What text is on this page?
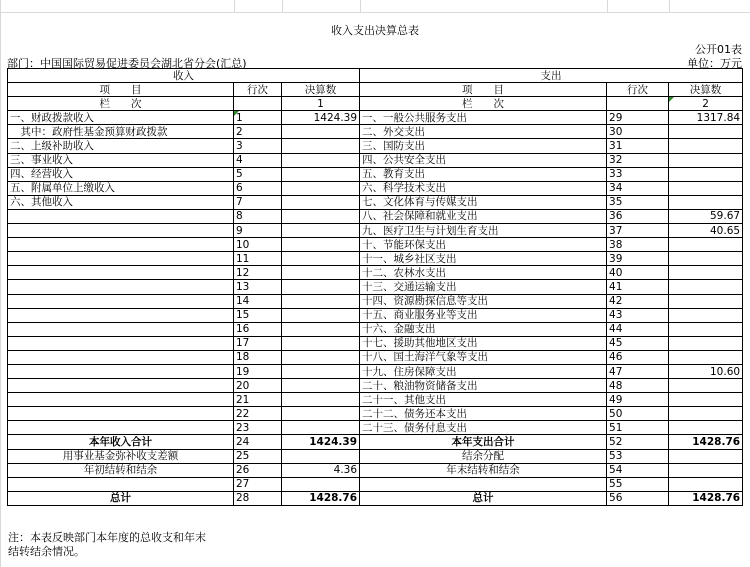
收入支出决算总表
公开01表
部门：中国国际贸易促进委员会湖北省分会(汇总)	单位：万元
收入			支出		
项　　目	行次	决算数	项　　目	行次	决算数
栏　　次		1	栏　　次		2
一、财政拨款收入	1	1424.39	一、一般公共服务支出	29	1317.84
　其中：政府性基金预算财政拨款	2		二、外交支出	30	
二、上级补助收入	3		三、国防支出	31	
三、事业收入	4		四、公共安全支出	32	
四、经营收入	5		五、教育支出	33	
五、附属单位上缴收入	6		六、科学技术支出	34	
六、其他收入	7		七、文化体育与传媒支出	35	
	8		八、社会保障和就业支出	36	59.67
	9		九、医疗卫生与计划生育支出	37	40.65
	10		十、节能环保支出	38	
	11		十一、城乡社区支出	39	
	12		十二、农林水支出	40	
	13		十三、交通运输支出	41	
	14		十四、资源勘探信息等支出	42	
	15		十五、商业服务业等支出	43	
	16		十六、金融支出	44	
	17		十七、援助其他地区支出	45	
	18		十八、国土海洋气象等支出	46	
	19		十九、住房保障支出	47	10.60
	20		二十、粮油物资储备支出	48	
	21		二十一、其他支出	49	
	22		二十二、债务还本支出	50	
	23		二十三、债务付息支出	51	
本年收入合计	24	1424.39	本年支出合计	52	1428.76
用事业基金弥补收支差额	25		结余分配	53	
年初结转和结余	26	4.36	年末结转和结余	54	
	27			55	
总计	28	1428.76	总计	56	1428.76
注：本表反映部门本年度的总收支和年末
结转结余情况。
